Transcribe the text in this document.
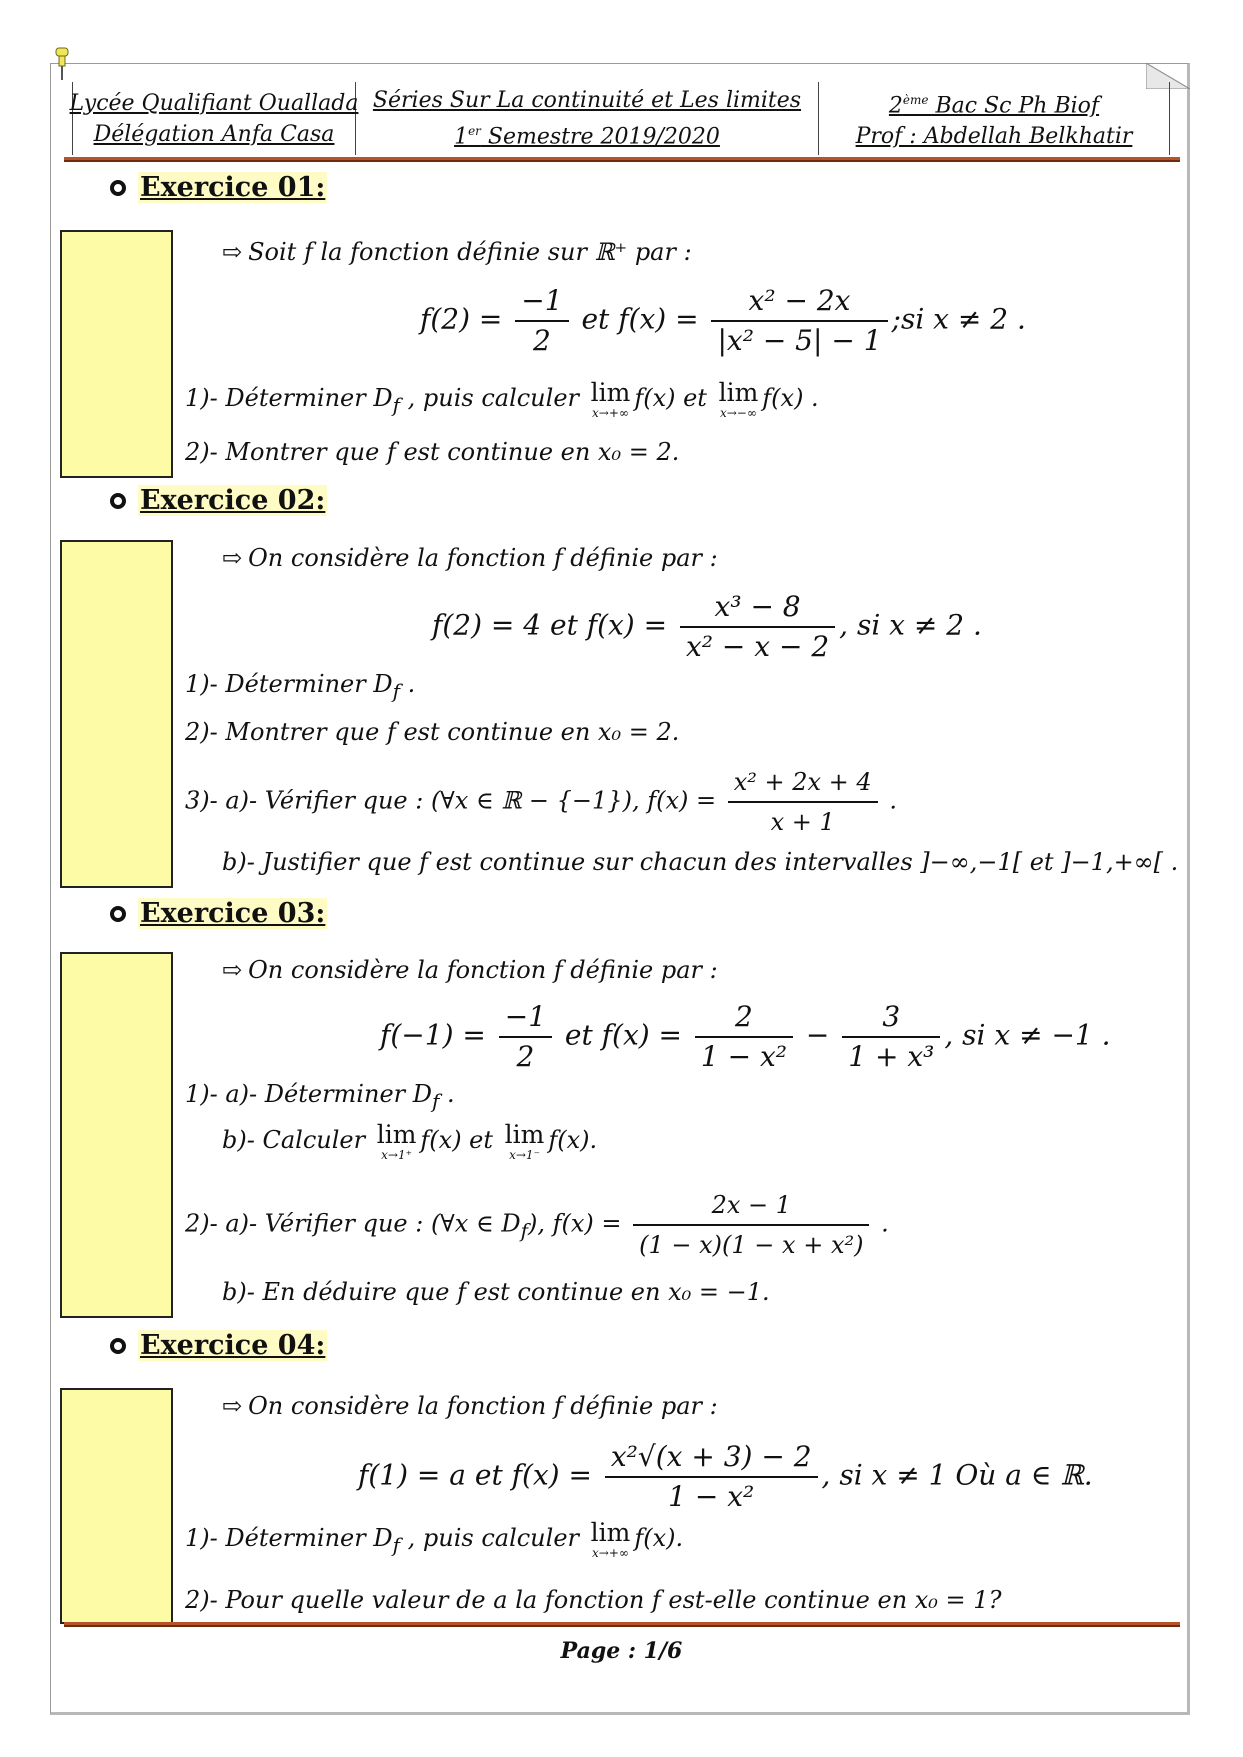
Lycée Qualifiant Ouallada
Délégation Anfa Casa
Séries Sur La continuité et Les limites
1er Semestre 2019/2020
2ème Bac Sc Ph Biof
Prof : Abdellah Belkhatir
Exercice 01:
⇨ Soit f la fonction définie sur ℝ⁺ par :
$f(2) = \frac{-1}{2}$ et $f(x) = \frac{\text{x² − 2x}}{\text{|x² − 5| − 1}}$ ;si x ≠ 2 .
1)- Déterminer $D_f$ , puis calculer lim
x→+∞
f(x) et lim
x→−∞
f(x) .
2)- Montrer que f est continue en x₀ = 2.
Exercice 02:
⇨ On considère la fonction f définie par :
f(2) = 4 et $f(x) = \frac{\text{x³ − 8}}{\text{x² − x − 2}}$ , si x ≠ 2 .
1)- Déterminer $D_f$ .
2)- Montrer que f est continue en x₀ = 2.
3)- a)- Vérifier que : (∀x ∈ ℝ − {−1}), $f(x) = \frac{\text{x² + 2x + 4}}{x + 1}$ .
b)- Justifier que f est continue sur chacun des intervalles ]−∞,−1[ et ]−1,+∞[ .
Exercice 03:
⇨ On considère la fonction f définie par :
$f(-1) = \frac{-1}{2}$ et $f(x) = \frac{2}{\text{1 − x²}} - \frac{3}{\text{1 + x³}}$ , si x ≠ −1 .
1)- a)- Déterminer $D_f$ .
b)- Calculer lim
x→1⁺
f(x) et lim
x→1⁻
f(x).
2)- a)- Vérifier que : (∀x ∈ $D_f$), $f(x) = \frac{2x - 1}{\text{(1 − x)(1 − x + x²)}}$ .
b)- En déduire que f est continue en x₀ = −1.
Exercice 04:
⇨ On considère la fonction f définie par :
f(1) = a et $f(x) = \frac{\text{x²√(x + 3) − 2}}{\text{1 − x²}}$ , si x ≠ 1 Où a ∈ ℝ.
1)- Déterminer $D_f$ , puis calculer lim
x→+∞
f(x).
2)- Pour quelle valeur de a la fonction f est-elle continue en x₀ = 1?
Page : 1/6
